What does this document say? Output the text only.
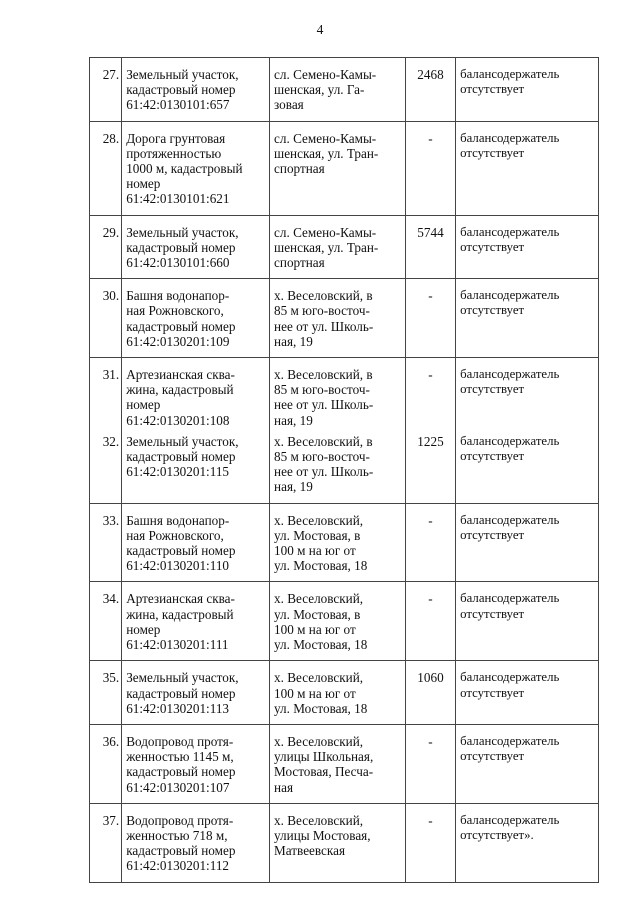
4
27.	Земельный участок,
кадастровый номер
61:42:0130101:657	сл. Семено-Камы-
шенская, ул. Га-
зовая	2468	балансодержатель
отсутствует

28.	Дорога грунтовая
протяженностью
1000 м, кадастровый
номер
61:42:0130101:621	сл. Семено-Камы-
шенская, ул. Тран-
спортная	-	балансодержатель
отсутствует

29.	Земельный участок,
кадастровый номер
61:42:0130101:660	сл. Семено-Камы-
шенская, ул. Тран-
спортная	5744	балансодержатель
отсутствует

30.	Башня водонапор-
ная Рожновского,
кадастровый номер
61:42:0130201:109	х. Веселовский, в
85 м юго-восточ-
нее от ул. Школь-
ная, 19	-	балансодержатель
отсутствует

31.	Артезианская сква-
жина, кадастровый
номер
61:42:0130201:108	х. Веселовский, в
85 м юго-восточ-
нее от ул. Школь-
ная, 19	-	балансодержатель
отсутствует

32.	Земельный участок,
кадастровый номер
61:42:0130201:115	х. Веселовский, в
85 м юго-восточ-
нее от ул. Школь-
ная, 19	1225	балансодержатель
отсутствует

33.	Башня водонапор-
ная Рожновского,
кадастровый номер
61:42:0130201:110	х. Веселовский,
ул. Мостовая, в
100 м на юг от
ул. Мостовая, 18	-	балансодержатель
отсутствует

34.	Артезианская сква-
жина, кадастровый
номер
61:42:0130201:111	х. Веселовский,
ул. Мостовая, в
100 м на юг от
ул. Мостовая, 18	-	балансодержатель
отсутствует

35.	Земельный участок,
кадастровый номер
61:42:0130201:113	х. Веселовский,
100 м на юг от
ул. Мостовая, 18	1060	балансодержатель
отсутствует

36.	Водопровод протя-
женностью 1145 м,
кадастровый номер
61:42:0130201:107	х. Веселовский,
улицы Школьная,
Мостовая, Песча-
ная	-	балансодержатель
отсутствует

37.	Водопровод протя-
женностью 718 м,
кадастровый номер
61:42:0130201:112	х. Веселовский,
улицы Мостовая,
Матвеевская	-	балансодержатель
отсутствует».
